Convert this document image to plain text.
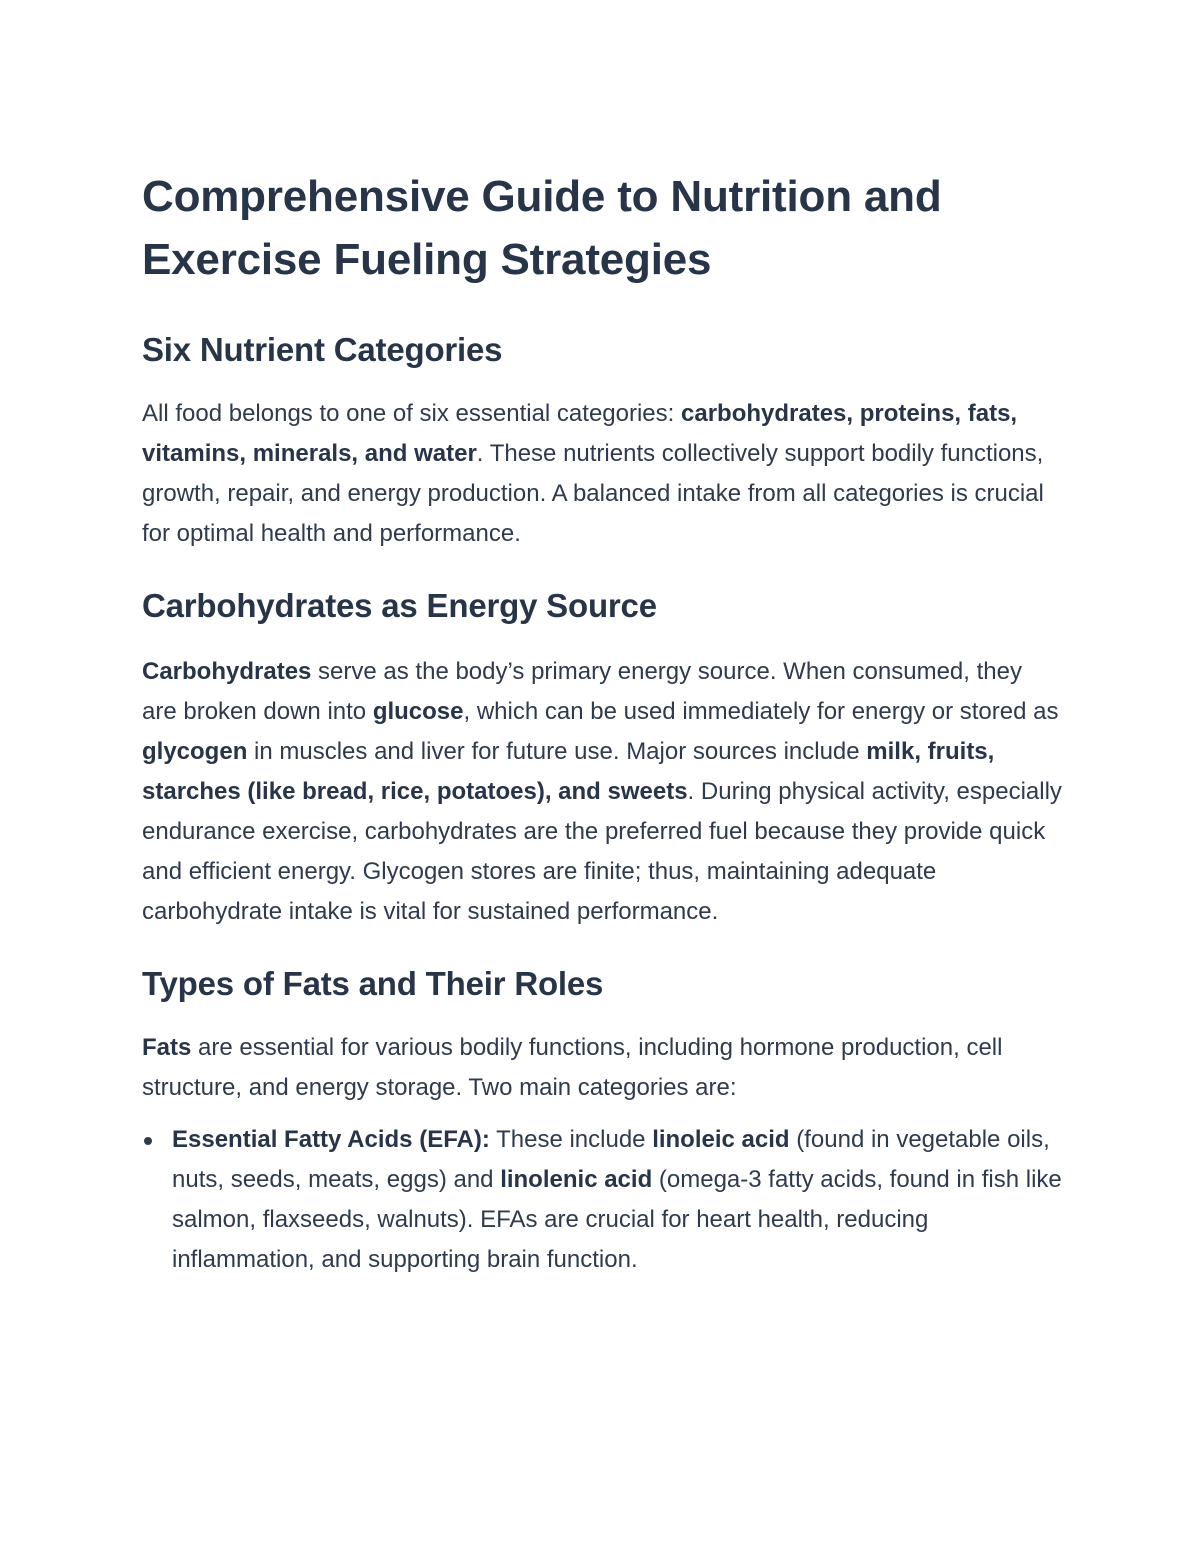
Comprehensive Guide to Nutrition and Exercise Fueling Strategies
Six Nutrient Categories

All food belongs to one of six essential categories: carbohydrates, proteins, fats, vitamins, minerals, and water. These nutrients collectively support bodily functions, growth, repair, and energy production. A balanced intake from all categories is crucial for optimal health and performance.

Carbohydrates as Energy Source

Carbohydrates serve as the body’s primary energy source. When consumed, they are broken down into glucose, which can be used immediately for energy or stored as glycogen in muscles and liver for future use. Major sources include milk, fruits, starches (like bread, rice, potatoes), and sweets. During physical activity, especially endurance exercise, carbohydrates are the preferred fuel because they provide quick and efficient energy. Glycogen stores are finite; thus, maintaining adequate carbohydrate intake is vital for sustained performance.

Types of Fats and Their Roles

Fats are essential for various bodily functions, including hormone production, cell structure, and energy storage. Two main categories are:

Essential Fatty Acids (EFA): These include linoleic acid (found in vegetable oils, nuts, seeds, meats, eggs) and linolenic acid (omega-3 fatty acids, found in fish like salmon, flaxseeds, walnuts). EFAs are crucial for heart health, reducing inflammation, and supporting brain function.
